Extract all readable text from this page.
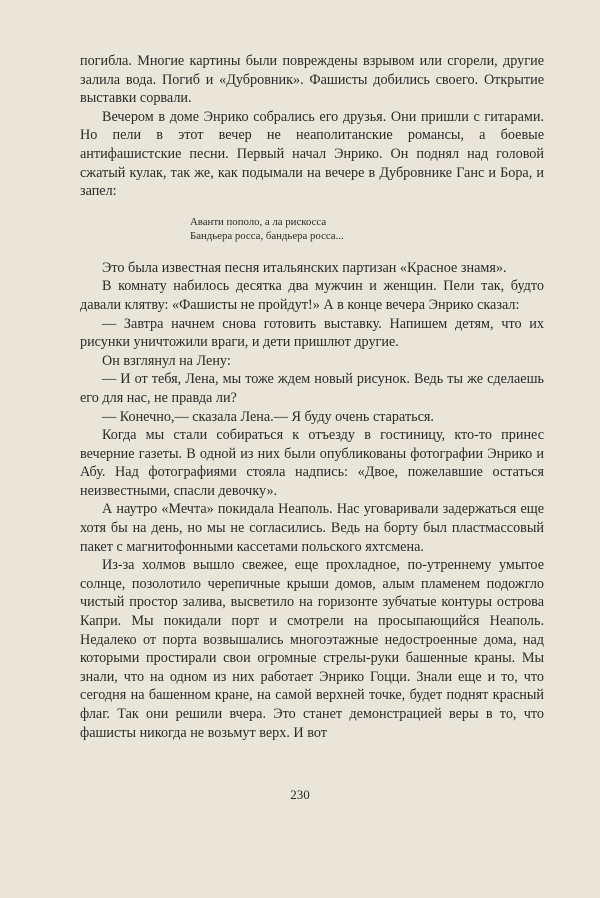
погибла. Многие картины были повреждены взрывом или сгорели, другие залила вода. Погиб и «Дубровник». Фашисты добились своего. Открытие выставки сорвали.

Вечером в доме Энрико собрались его друзья. Они пришли с гитарами. Но пели в этот вечер не неаполитанские романсы, а боевые антифашистские песни. Первый начал Энрико. Он поднял над головой сжатый кулак, так же, как подымали на вечере в Дубровнике Ганс и Бора, и запел:

Аванти пополо, а ла рискосса
Бандьера росса, бандьера росса...

Это была известная песня итальянских партизан «Красное знамя».

В комнату набилось десятка два мужчин и женщин. Пели так, будто давали клятву: «Фашисты не пройдут!» А в конце вечера Энрико сказал:

— Завтра начнем снова готовить выставку. Напишем детям, что их рисунки уничтожили враги, и дети пришлют другие.

Он взглянул на Лену:

— И от тебя, Лена, мы тоже ждем новый рисунок. Ведь ты же сделаешь его для нас, не правда ли?

— Конечно,— сказала Лена.— Я буду очень стараться.

Когда мы стали собираться к отъезду в гостиницу, кто-то принес вечерние газеты. В одной из них были опубликованы фотографии Энрико и Абу. Над фотографиями стояла надпись: «Двое, пожелавшие остаться неизвестными, спасли девочку».

А наутро «Мечта» покидала Неаполь. Нас уговаривали задержаться еще хотя бы на день, но мы не согласились. Ведь на борту был пластмассовый пакет с магнитофонными кассетами польского яхтсмена.

Из-за холмов вышло свежее, еще прохладное, по-утреннему умытое солнце, позолотило черепичные крыши домов, алым пламенем подожгло чистый простор залива, высветило на горизонте зубчатые контуры острова Капри. Мы покидали порт и смотрели на просыпающийся Неаполь. Недалеко от порта возвышались многоэтажные недостроенные дома, над которыми простирали свои огромные стрелы-руки башенные краны. Мы знали, что на одном из них работает Энрико Гоцци. Знали еще и то, что сегодня на башенном кране, на самой верхней точке, будет поднят красный флаг. Так они решили вчера. Это станет демонстрацией веры в то, что фашисты никогда не возьмут верх. И вот

230
